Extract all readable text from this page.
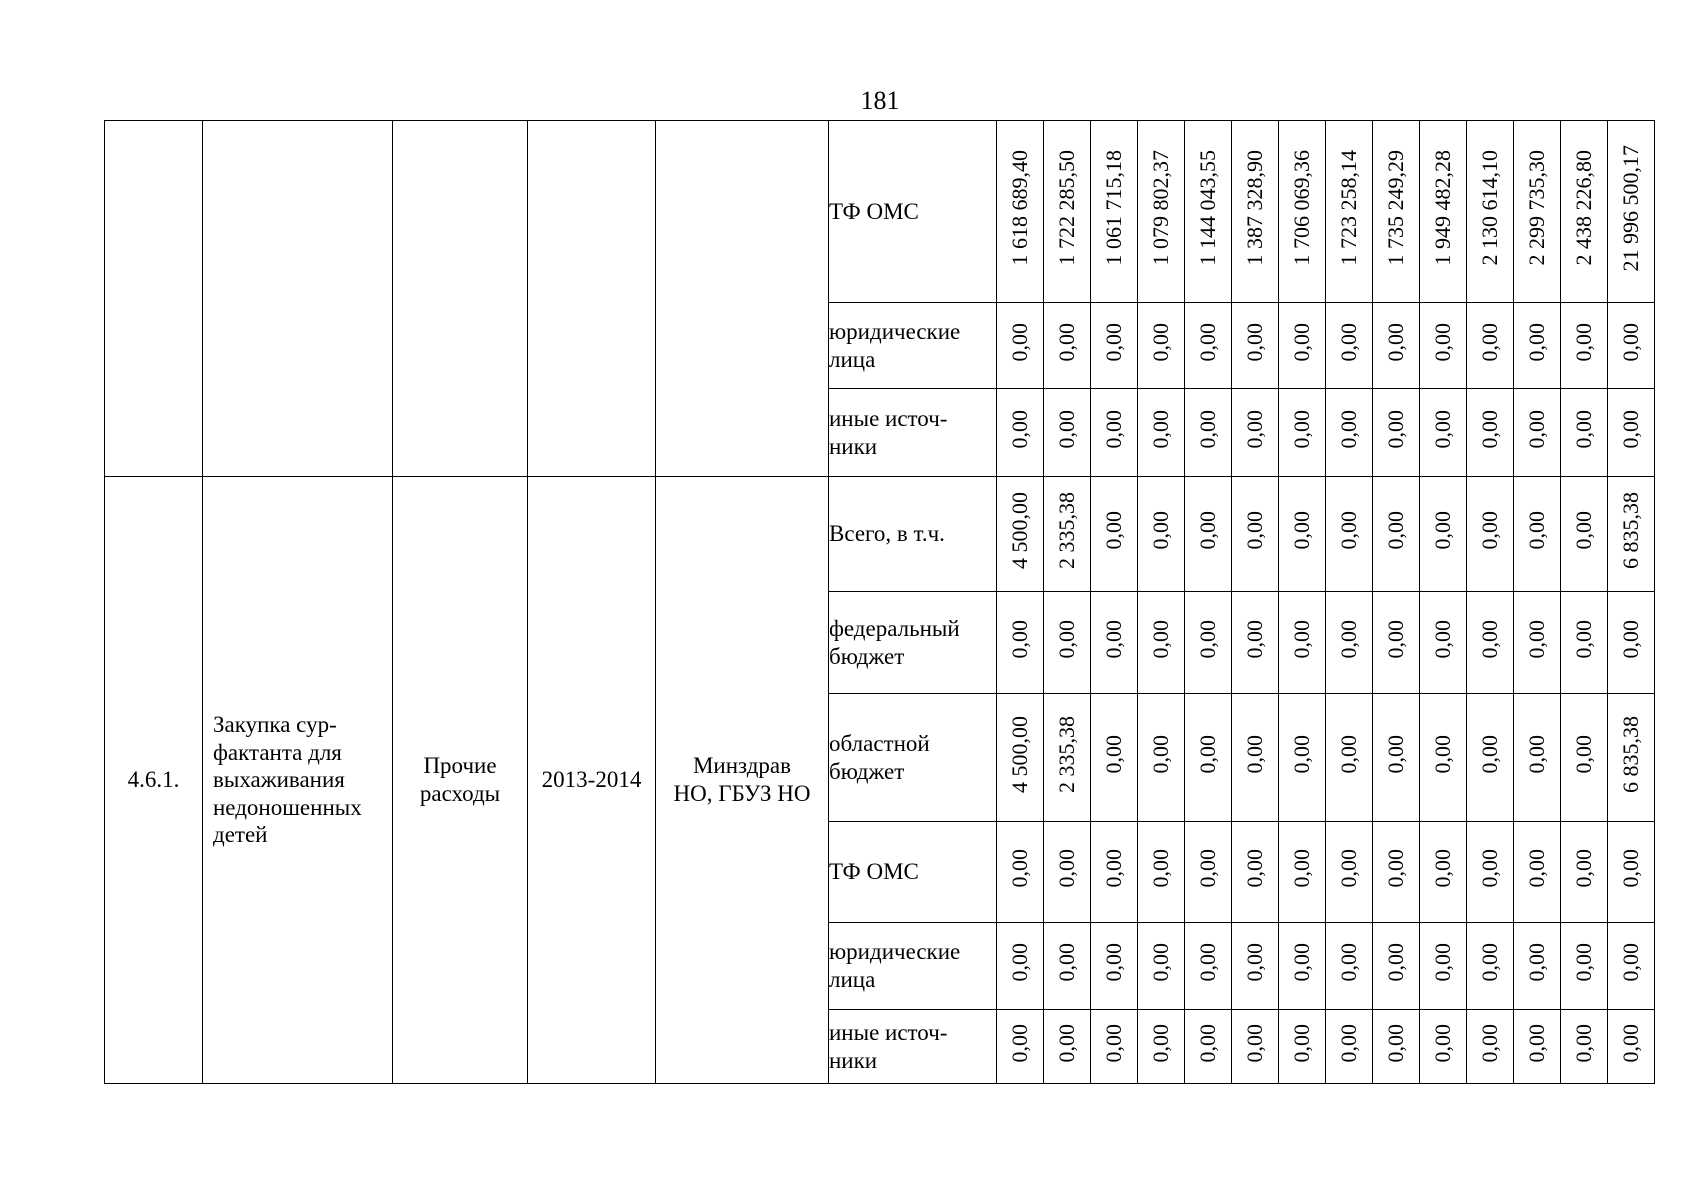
181
					ТФ ОМС	1 618 689,40	1 722 285,50	1 061 715,18	1 079 802,37	1 144 043,55	1 387 328,90	1 706 069,36	1 723 258,14	1 735 249,29	1 949 482,28	2 130 614,10	2 299 735,30	2 438 226,80	21 996 500,17
					юридические
лица	0,00	0,00	0,00	0,00	0,00	0,00	0,00	0,00	0,00	0,00	0,00	0,00	0,00	0,00
					иные источ-
ники	0,00	0,00	0,00	0,00	0,00	0,00	0,00	0,00	0,00	0,00	0,00	0,00	0,00	0,00
4.6.1.	Закупка сур-
фактанта для
выхаживания
недоношенных
детей	Прочие
расходы	2013-2014	Минздрав
НО, ГБУЗ НО	Всего, в т.ч.	4 500,00	2 335,38	0,00	0,00	0,00	0,00	0,00	0,00	0,00	0,00	0,00	0,00	0,00	6 835,38
					федеральный
бюджет	0,00	0,00	0,00	0,00	0,00	0,00	0,00	0,00	0,00	0,00	0,00	0,00	0,00	0,00
					областной
бюджет	4 500,00	2 335,38	0,00	0,00	0,00	0,00	0,00	0,00	0,00	0,00	0,00	0,00	0,00	6 835,38
					ТФ ОМС	0,00	0,00	0,00	0,00	0,00	0,00	0,00	0,00	0,00	0,00	0,00	0,00	0,00	0,00
					юридические
лица	0,00	0,00	0,00	0,00	0,00	0,00	0,00	0,00	0,00	0,00	0,00	0,00	0,00	0,00
					иные источ-
ники	0,00	0,00	0,00	0,00	0,00	0,00	0,00	0,00	0,00	0,00	0,00	0,00	0,00	0,00
